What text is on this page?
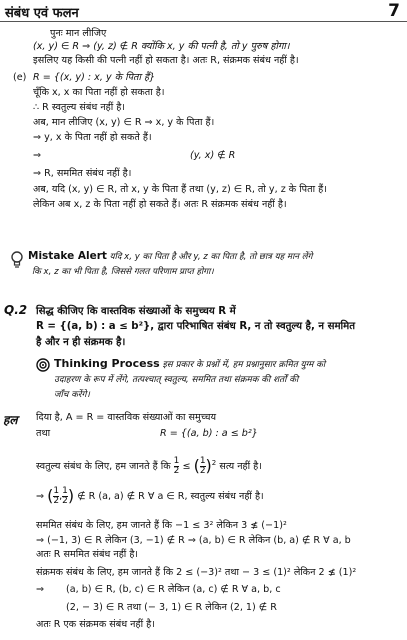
संबंध एवं फलन	7
पुनः मान लीजिए
(x, y) ∈ R ⇒ (y, z) ∉ R क्योंकि x, y की पत्नी है, तो y पुरुष होगा।
इसलिए यह किसी की पत्नी नहीं हो सकता है। अतः R, संक्रमक संबंध नहीं है।
(e) R = {(x, y) : x, y के पिता हैं}
चूँकि x, x का पिता नहीं हो सकता है।
∴ R स्वतुल्य संबंध नहीं है।
अब, मान लीजिए (x, y) ∈ R ⇒ x, y के पिता हैं।
⇒ y, x के पिता नहीं हो सकते हैं।
⇒	(y, x) ∉ R
⇒ R, सममित संबंध नहीं है।
अब, यदि (x, y) ∈ R, तो x, y के पिता हैं तथा (y, z) ∈ R, तो y, z के पिता हैं।
लेकिन अब x, z के पिता नहीं हो सकते हैं। अतः R संक्रमक संबंध नहीं है।
Mistake Alert यदि x, y का पिता है और y, z का पिता है, तो छात्र यह मान लेंगे
कि x, z का भी पिता है, जिससे गलत परिणाम प्राप्त होगा।
Q.2 सिद्ध कीजिए कि वास्तविक संख्याओं के समुच्चय R में
R = {(a, b) : a ≤ b²}, द्वारा परिभाषित संबंध R, न तो स्वतुल्य है, न सममित
है और न ही संक्रमक है।
Thinking Process इस प्रकार के प्रश्नों में, हम प्रश्नानुसार क्रमित युग्म को
उदाहरण के रूप में लेंगे, तत्पश्चात् स्वतुल्य, सममित तथा संक्रमक की शर्तों की
जाँच करेंगे।
हल दिया है, A = R = वास्तविक संख्याओं का समुच्चय
तथा	R = {(a, b) : a ≤ b²}
स्वतुल्य संबंध के लिए, हम जानते हैं कि $\frac{1}{2}$ ≤ ( $\frac{1}{2} )^2$ सत्य नहीं है।
⇒ ( $\frac{1}{2}$ , $\frac{1}{2}$ ) ∉ R (a, a) ∉ R ∀ a ∈ R, स्वतुल्य संबंध नहीं है।
सममित संबंध के लिए, हम जानते हैं कि −1 ≤ 3² लेकिन 3 ≰ (−1)²
⇒ (−1, 3) ∈ R लेकिन (3, −1) ∉ R ⇒ (a, b) ∈ R लेकिन (b, a) ∉ R ∀ a, b
अतः R सममित संबंध नहीं है।
संक्रमक संबंध के लिए, हम जानते हैं कि 2 ≤ (−3)² तथा − 3 ≤ (1)² लेकिन 2 ≰ (1)²
⇒ (a, b) ∈ R, (b, c) ∈ R लेकिन (a, c) ∉ R ∀ a, b, c
(2, − 3) ∈ R तथा (− 3, 1) ∈ R लेकिन (2, 1) ∉ R
अतः R एक संक्रमक संबंध नहीं है।
